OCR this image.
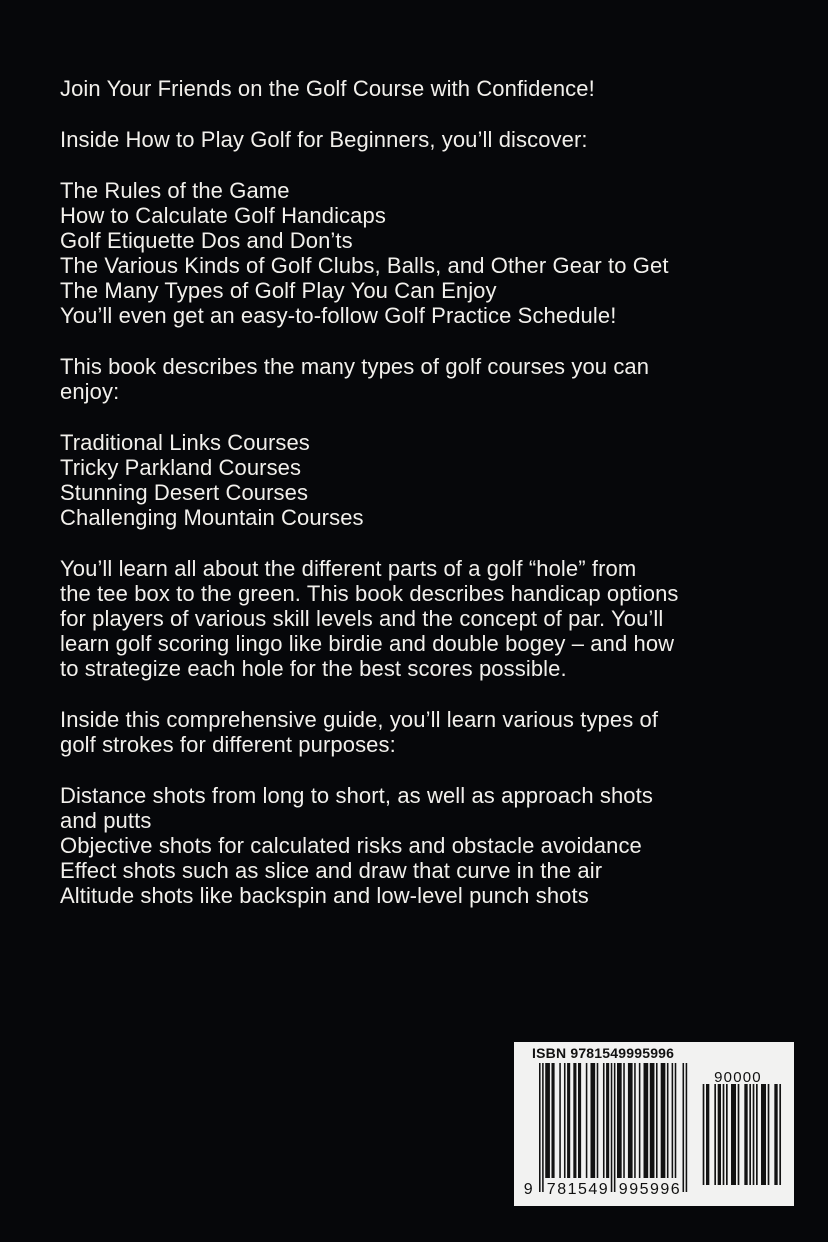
Join Your Friends on the Golf Course with Confidence!

Inside How to Play Golf for Beginners, you’ll discover:

The Rules of the Game
How to Calculate Golf Handicaps
Golf Etiquette Dos and Don’ts
The Various Kinds of Golf Clubs, Balls, and Other Gear to Get
The Many Types of Golf Play You Can Enjoy
You’ll even get an easy-to-follow Golf Practice Schedule!

This book describes the many types of golf courses you can
enjoy:

Traditional Links Courses
Tricky Parkland Courses
Stunning Desert Courses
Challenging Mountain Courses

You’ll learn all about the different parts of a golf “hole” from
the tee box to the green. This book describes handicap options
for players of various skill levels and the concept of par. You’ll
learn golf scoring lingo like birdie and double bogey – and how
to strategize each hole for the best scores possible.

Inside this comprehensive guide, you’ll learn various types of
golf strokes for different purposes:

Distance shots from long to short, as well as approach shots
and putts
Objective shots for calculated risks and obstacle avoidance
Effect shots such as slice and draw that curve in the air
Altitude shots like backspin and low-level punch shots

ISBN 9781549995996
9 781549 995996
90000
